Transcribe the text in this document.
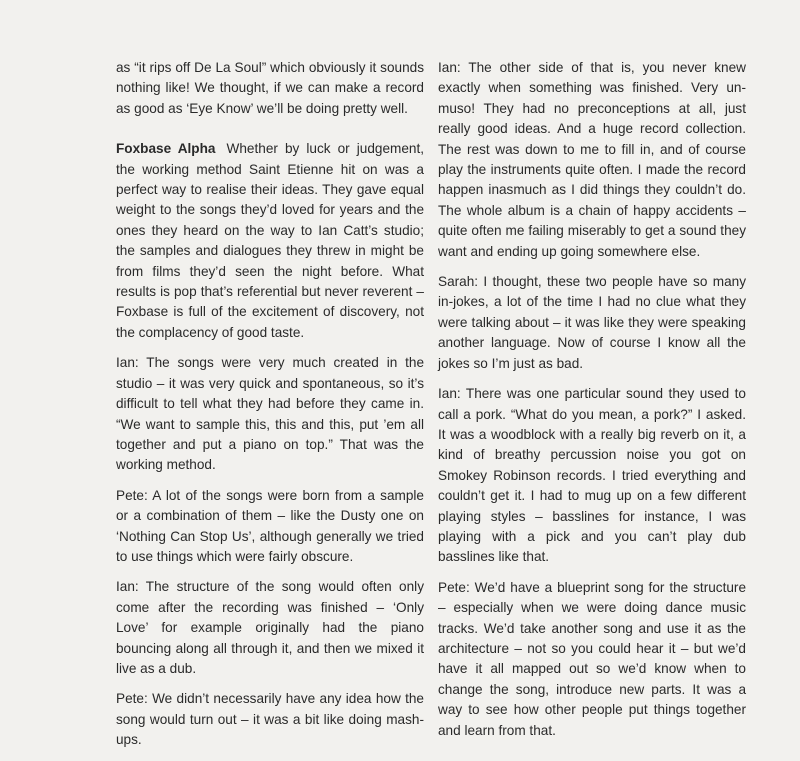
as “it rips off De La Soul” which obviously it sounds nothing like! We thought, if we can make a record as good as ‘Eye Know’ we’ll be doing pretty well.

Foxbase Alpha Whether by luck or judgement, the working method Saint Etienne hit on was a perfect way to realise their ideas. They gave equal weight to the songs they’d loved for years and the ones they heard on the way to Ian Catt’s studio; the samples and dialogues they threw in might be from films they’d seen the night before. What results is pop that’s referential but never reverent – Foxbase is full of the excitement of discovery, not the complacency of good taste.

Ian: The songs were very much created in the studio – it was very quick and spontaneous, so it’s difficult to tell what they had before they came in. “We want to sample this, this and this, put ’em all together and put a piano on top.” That was the working method.

Pete: A lot of the songs were born from a sample or a combination of them – like the Dusty one on ‘Nothing Can Stop Us’, although generally we tried to use things which were fairly obscure.

Ian: The structure of the song would often only come after the recording was finished – ‘Only Love’ for example originally had the piano bouncing along all through it, and then we mixed it live as a dub.

Pete: We didn’t necessarily have any idea how the song would turn out – it was a bit like doing mash-ups.

Ian: The other side of that is, you never knew exactly when something was finished. Very un-muso! They had no preconceptions at all, just really good ideas. And a huge record collection. The rest was down to me to fill in, and of course play the instruments quite often. I made the record happen inasmuch as I did things they couldn’t do. The whole album is a chain of happy accidents – quite often me failing miserably to get a sound they want and ending up going somewhere else.

Sarah: I thought, these two people have so many in-jokes, a lot of the time I had no clue what they were talking about – it was like they were speaking another language. Now of course I know all the jokes so I’m just as bad.

Ian: There was one particular sound they used to call a pork. “What do you mean, a pork?” I asked. It was a woodblock with a really big reverb on it, a kind of breathy percussion noise you got on Smokey Robinson records. I tried everything and couldn’t get it. I had to mug up on a few different playing styles – basslines for instance, I was playing with a pick and you can’t play dub basslines like that.

Pete: We’d have a blueprint song for the structure – especially when we were doing dance music tracks. We’d take another song and use it as the architecture – not so you could hear it – but we’d have it all mapped out so we’d know when to change the song, introduce new parts. It was a way to see how other people put things together and learn from that.
